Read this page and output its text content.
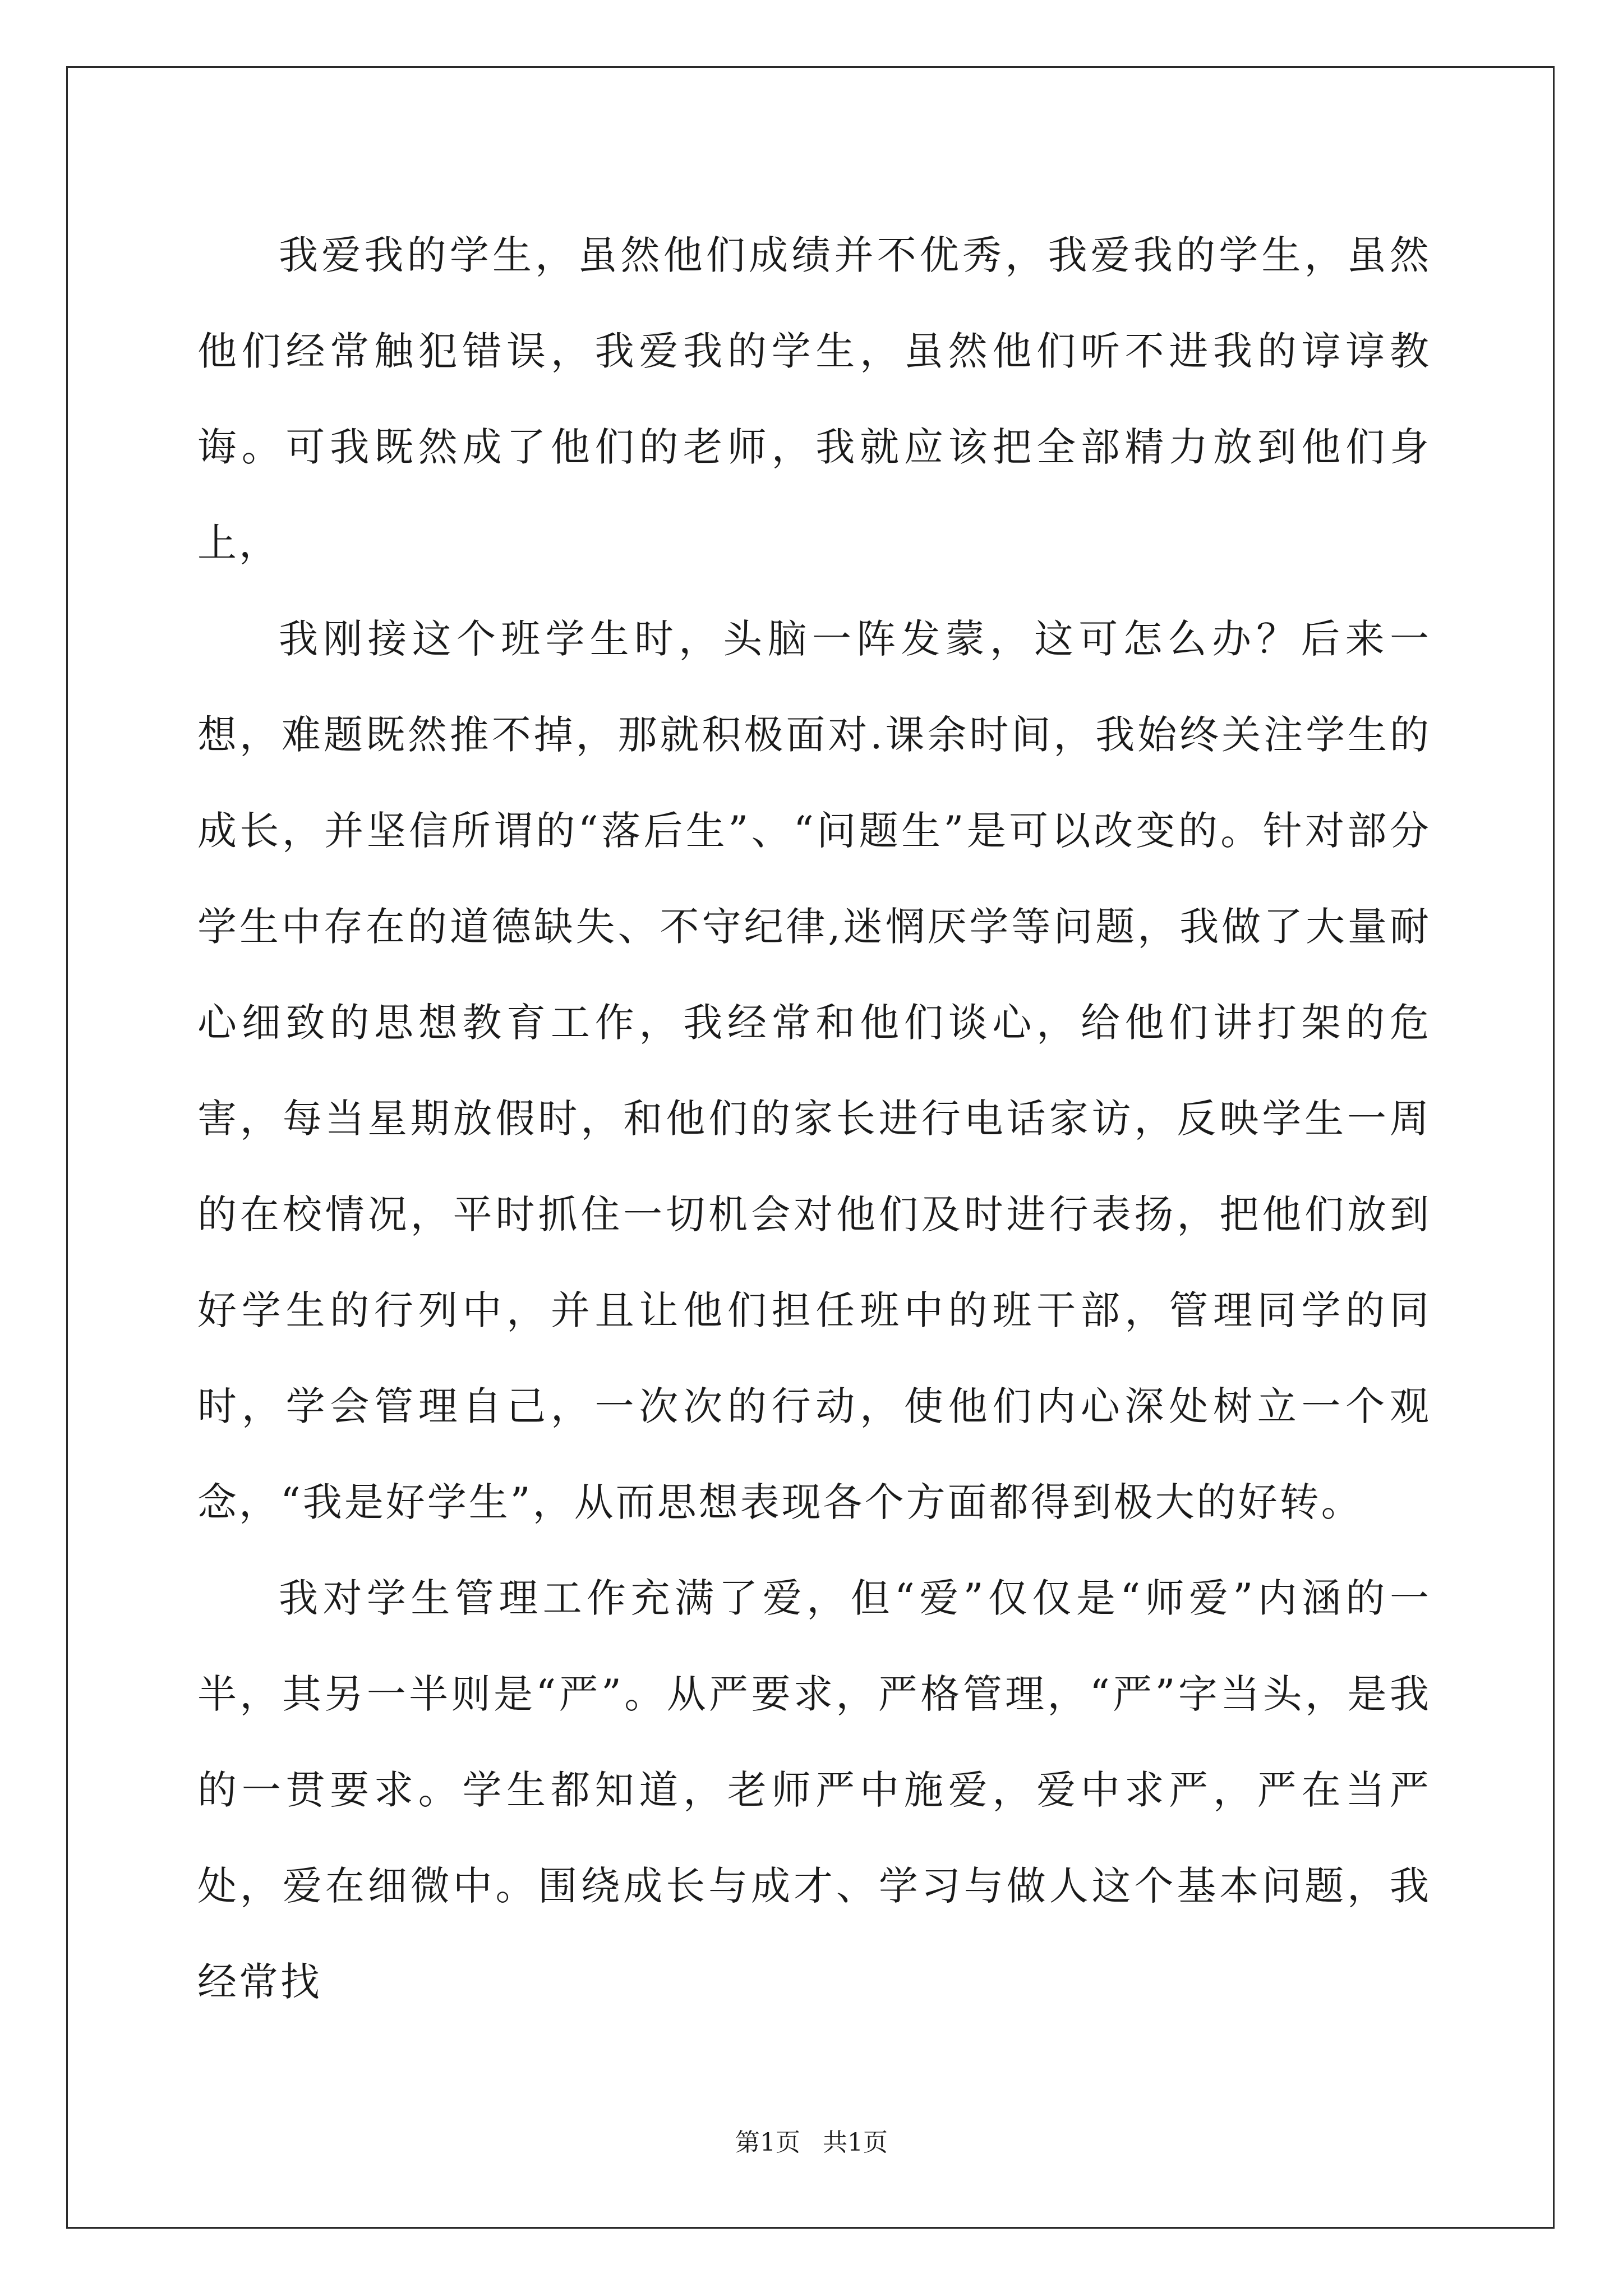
我爱我的学生，虽然他们成绩并不优秀，我爱我的学生，虽然他们经常触犯错误，我爱我的学生，虽然他们听不进我的谆谆教诲。可我既然成了他们的老师，我就应该把全部精力放到他们身上，

我刚接这个班学生时，头脑一阵发蒙，这可怎么办？后来一想，难题既然推不掉，那就积极面对.课余时间，我始终关注学生的成长，并坚信所谓的“落后生”、“问题生”是可以改变的。针对部分学生中存在的道德缺失、不守纪律,迷惘厌学等问题，我做了大量耐心细致的思想教育工作，我经常和他们谈心，给他们讲打架的危害，每当星期放假时，和他们的家长进行电话家访，反映学生一周的在校情况，平时抓住一切机会对他们及时进行表扬，把他们放到好学生的行列中，并且让他们担任班中的班干部，管理同学的同时，学会管理自己，一次次的行动，使他们内心深处树立一个观念，“我是好学生”，从而思想表现各个方面都得到极大的好转。

我对学生管理工作充满了爱，但“爱”仅仅是“师爱”内涵的一半，其另一半则是“严”。从严要求，严格管理，“严”字当头，是我的一贯要求。学生都知道，老师严中施爱，爱中求严，严在当严处，爱在细微中。围绕成长与成才、学习与做人这个基本问题，我经常找

第1页 共1页
